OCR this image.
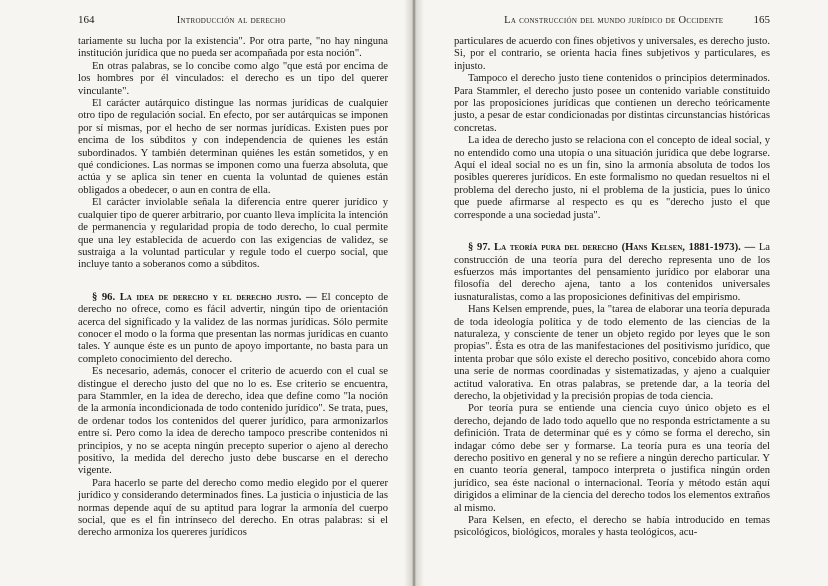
164	Introducción al derecho

tariamente su lucha por la existencia". Por otra parte, "no hay ninguna institución jurídica que no pueda ser acompañada por esta noción".

En otras palabras, se lo concibe como algo "que está por encima de los hombres por él vinculados: el derecho es un tipo del querer vinculante".

El carácter autárquico distingue las normas jurídicas de cualquier otro tipo de regulación social. En efecto, por ser autárquicas se imponen por sí mismas, por el hecho de ser normas jurídicas. Existen pues por encima de los súbditos y con independencia de quienes les están subordinados. Y también determinan quiénes les están sometidos, y en qué condiciones. Las normas se imponen como una fuerza absoluta, que actúa y se aplica sin tener en cuenta la voluntad de quienes están obligados a obedecer, o aun en contra de ella.

El carácter inviolable señala la diferencia entre querer jurídico y cualquier tipo de querer arbitrario, por cuanto lleva implícita la intención de permanencia y regularidad propia de todo derecho, lo cual permite que una ley establecida de acuerdo con las exigencias de validez, se sustraiga a la voluntad particular y regule todo el cuerpo social, que incluye tanto a soberanos como a súbditos.

§ 96. La idea de derecho y el derecho justo. — El concepto de derecho no ofrece, como es fácil advertir, ningún tipo de orientación acerca del significado y la validez de las normas jurídicas. Sólo permite conocer el modo o la forma que presentan las normas jurídicas en cuanto tales. Y aunque éste es un punto de apoyo importante, no basta para un completo conocimiento del derecho.

Es necesario, además, conocer el criterio de acuerdo con el cual se distingue el derecho justo del que no lo es. Ese criterio se encuentra, para Stammler, en la idea de derecho, idea que define como "la noción de la armonía incondicionada de todo contenido jurídico". Se trata, pues, de ordenar todos los contenidos del querer jurídico, para armonizarlos entre sí. Pero como la idea de derecho tampoco prescribe contenidos ni principios, y no se acepta ningún precepto superior o ajeno al derecho positivo, la medida del derecho justo debe buscarse en el derecho vigente.

Para hacerlo se parte del derecho como medio elegido por el querer jurídico y considerando determinados fines. La justicia o injusticia de las normas depende aquí de su aptitud para lograr la armonía del cuerpo social, que es el fin intrínseco del derecho. En otras palabras: si el derecho armoniza los quereres jurídicos

La construcción del mundo jurídico de Occidente	165

particulares de acuerdo con fines objetivos y universales, es derecho justo. Si, por el contrario, se orienta hacia fines subjetivos y particulares, es injusto.

Tampoco el derecho justo tiene contenidos o principios determinados. Para Stammler, el derecho justo posee un contenido variable constituido por las proposiciones jurídicas que contienen un derecho teóricamente justo, a pesar de estar condicionadas por distintas circunstancias históricas concretas.

La idea de derecho justo se relaciona con el concepto de ideal social, y no entendido como una utopía o una situación jurídica que debe lograrse. Aquí el ideal social no es un fin, sino la armonía absoluta de todos los posibles quereres jurídicos. En este formalismo no quedan resueltos ni el problema del derecho justo, ni el problema de la justicia, pues lo único que puede afirmarse al respecto es qu es "derecho justo el que corresponde a una sociedad justa".

§ 97. La teoría pura del derecho (Hans Kelsen, 1881-1973). — La construcción de una teoría pura del derecho representa uno de los esfuerzos más importantes del pensamiento jurídico por elaborar una filosofía del derecho ajena, tanto a los contenidos universales iusnaturalistas, como a las proposiciones definitivas del empirismo.

Hans Kelsen emprende, pues, la "tarea de elaborar una teoría depurada de toda ideología política y de todo elemento de las ciencias de la naturaleza, y consciente de tener un objeto regido por leyes que le son propias". Ésta es otra de las manifestaciones del positivismo jurídico, que intenta probar que sólo existe el derecho positivo, concebido ahora como una serie de normas coordinadas y sistematizadas, y ajeno a cualquier actitud valorativa. En otras palabras, se pretende dar, a la teoría del derecho, la objetividad y la precisión propias de toda ciencia.

Por teoría pura se entiende una ciencia cuyo único objeto es el derecho, dejando de lado todo aquello que no responda estrictamente a su definición. Trata de determinar qué es y cómo se forma el derecho, sin indagar cómo debe ser y formarse. La teoría pura es una teoría del derecho positivo en general y no se refiere a ningún derecho particular. Y en cuanto teoría general, tampoco interpreta o justifica ningún orden jurídico, sea éste nacional o internacional. Teoría y método están aquí dirigidos a eliminar de la ciencia del derecho todos los elementos extraños al mismo.

Para Kelsen, en efecto, el derecho se había introducido en temas psicológicos, biológicos, morales y hasta teológicos, acu-
